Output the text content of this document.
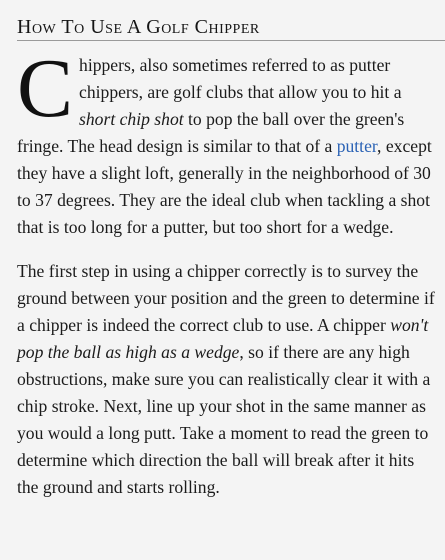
How To Use A Golf Chipper

Chippers, also sometimes referred to as putter chippers, are golf clubs that allow you to hit a short chip shot to pop the ball over the green's fringe. The head design is similar to that of a putter, except they have a slight loft, generally in the neighborhood of 30 to 37 degrees. They are the ideal club when tackling a shot that is too long for a putter, but too short for a wedge.

The first step in using a chipper correctly is to survey the ground between your position and the green to determine if a chipper is indeed the correct club to use. A chipper won't pop the ball as high as a wedge, so if there are any high obstructions, make sure you can realistically clear it with a chip stroke. Next, line up your shot in the same manner as you would a long putt. Take a moment to read the green to determine which direction the ball will break after it hits the ground and starts rolling.
